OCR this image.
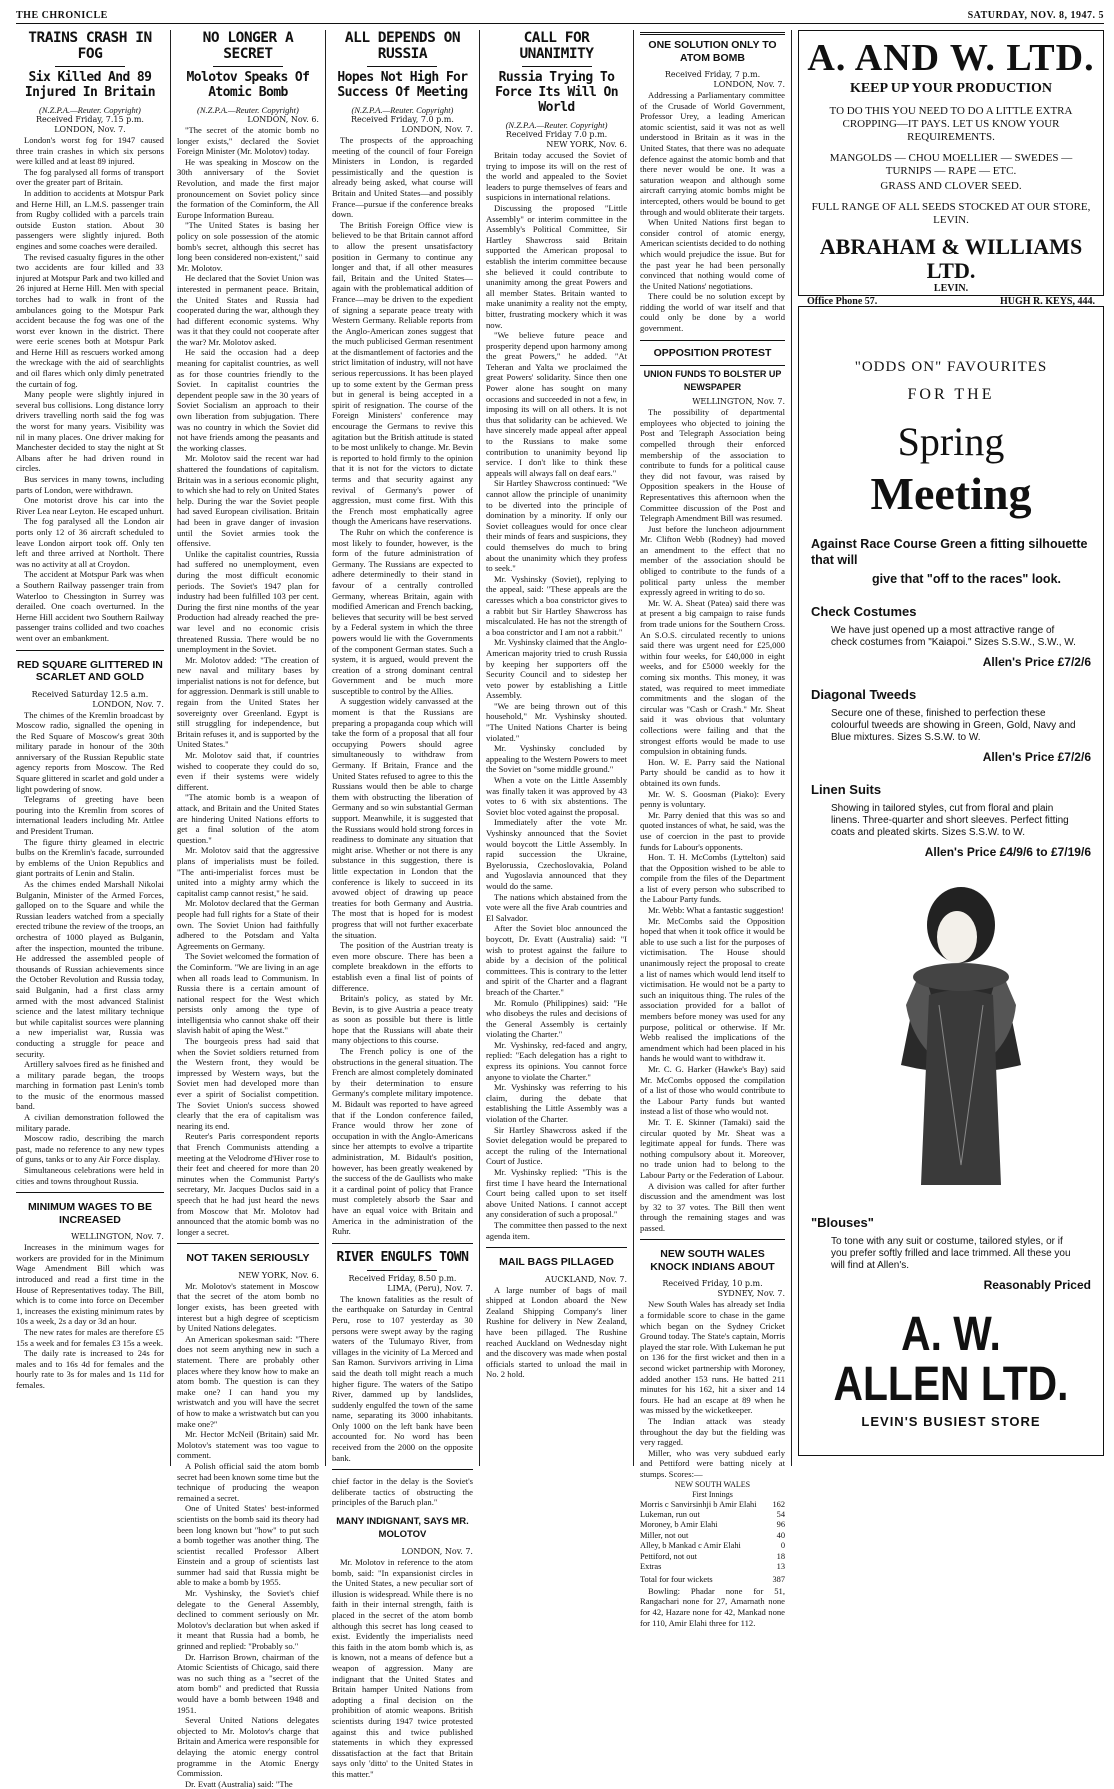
THE CHRONICLE	SATURDAY, NOV. 8, 1947. 5
TRAINS CRASH IN FOG
Six Killed And 89 Injured In Britain
(N.Z.P.A.—Reuter. Copyright)
Received Friday, 7.15 p.m.
LONDON, Nov. 7.

London's worst fog for 1947 caused three train crashes in which six persons were killed and at least 89 injured.

The fog paralysed all forms of transport over the greater part of Britain.

In addition to accidents at Motspur Park and Herne Hill, an L.M.S. passenger train from Rugby collided with a parcels train outside Euston station. About 30 passengers were slightly injured. Both engines and some coaches were derailed.

The revised casualty figures in the other two accidents are four killed and 33 injured at Motspur Park and two killed and 26 injured at Herne Hill. Men with special torches had to walk in front of the ambulances going to the Motspur Park accident because the fog was one of the worst ever known in the district. There were eerie scenes both at Motspur Park and Herne Hill as rescuers worked among the wreckage with the aid of searchlights and oil flares which only dimly penetrated the curtain of fog.

Many people were slightly injured in several bus collisions. Long distance lorry drivers travelling north said the fog was the worst for many years. Visibility was nil in many places. One driver making for Manchester decided to stay the night at St Albans after he had driven round in circles.

Bus services in many towns, including parts of London, were withdrawn.

One motorist drove his car into the River Lea near Leyton. He escaped unhurt.

The fog paralysed all the London air ports only 12 of 36 aircraft scheduled to leave London airport took off. Only ten left and three arrived at Northolt. There was no activity at all at Croydon.

The accident at Motspur Park was when a Southern Railway passenger train from Waterloo to Chessington in Surrey was derailed. One coach overturned. In the Herne Hill accident two Southern Railway passenger trains collided and two coaches went over an embankment.

RED SQUARE GLITTERED IN SCARLET AND GOLD
Received Saturday 12.5 a.m.
LONDON, Nov. 7.

The chimes of the Kremlin broadcast by Moscow radio, signalled the opening in the Red Square of Moscow's great 30th military parade in honour of the 30th anniversary of the Russian Republic state agency reports from Moscow. The Red Square glittered in scarlet and gold under a light powdering of snow.

Telegrams of greeting have been pouring into the Kremlin from scores of international leaders including Mr. Attlee and President Truman.

The figure thirty gleamed in electric bulbs on the Kremlin's facade, surrounded by emblems of the Union Republics and giant portraits of Lenin and Stalin.

As the chimes ended Marshall Nikolai Bulganin, Minister of the Armed Forces, galloped on to the Square and while the Russian leaders watched from a specially erected tribune the review of the troops, an orchestra of 1000 played as Bulganin, after the inspection, mounted the tribune. He addressed the assembled people of thousands of Russian achievements since the October Revolution and Russia today, said Bulganin, had a first class army armed with the most advanced Stalinist science and the latest military technique but while capitalist sources were planning a new imperialist war, Russia was conducting a struggle for peace and security.

Artillery salvoes fired as he finished and a military parade began, the troops marching in formation past Lenin's tomb to the music of the enormous massed band.

A civilian demonstration followed the military parade.

Moscow radio, describing the march past, made no reference to any new types of guns, tanks or to any Air Force display.

Simultaneous celebrations were held in cities and towns throughout Russia.

MINIMUM WAGES TO BE INCREASED
WELLINGTON, Nov. 7.

Increases in the minimum wages for workers are provided for in the Minimum Wage Amendment Bill which was introduced and read a first time in the House of Representatives today. The Bill, which is to come into force on December 1, increases the existing minimum rates by 10s a week, 2s a day or 3d an hour.

The new rates for males are therefore £5 15s a week and for females £3 15s a week.

The daily rate is increased to 24s for males and to 16s 4d for females and the hourly rate to 3s for males and 1s 11d for females.

NO LONGER A SECRET
Molotov Speaks Of Atomic Bomb
(N.Z.P.A.—Reuter. Copyright)
LONDON, Nov. 6.

"The secret of the atomic bomb no longer exists," declared the Soviet Foreign Minister (Mr. Molotov) today.

He was speaking in Moscow on the 30th anniversary of the Soviet Revolution, and made the first major pronouncement on Soviet policy since the formation of the Cominform, the All Europe Information Bureau.

"The United States is basing her policy on sole possession of the atomic bomb's secret, although this secret has long been considered non-existent," said Mr. Molotov.

He declared that the Soviet Union was interested in permanent peace. Britain, the United States and Russia had cooperated during the war, although they had different economic systems. Why was it that they could not cooperate after the war? Mr. Molotov asked.

He said the occasion had a deep meaning for capitalist countries, as well as for those countries friendly to the Soviet. In capitalist countries the dependent people saw in the 30 years of Soviet Socialism an approach to their own liberation from subjugation. There was no country in which the Soviet did not have friends among the peasants and the working classes.

Mr. Molotov said the recent war had shattered the foundations of capitalism. Britain was in a serious economic plight, to which she had to rely on United States help. During the war the Soviet people had saved European civilisation. Britain had been in grave danger of invasion until the Soviet armies took the offensive.

Unlike the capitalist countries, Russia had suffered no unemployment, even during the most difficult economic periods. The Soviet's 1947 plan for industry had been fulfilled 103 per cent. During the first nine months of the year Production had already reached the pre-war level and no economic crisis threatened Russia. There would be no unemployment in the Soviet.

Mr. Molotov added: "The creation of new naval and military bases by imperialist nations is not for defence, but for aggression. Denmark is still unable to regain from the United States her sovereignty over Greenland. Egypt is still struggling for independence, but Britain refuses it, and is supported by the United States."

Mr. Molotov said that, if countries wished to cooperate they could do so, even if their systems were widely different.

"The atomic bomb is a weapon of attack, and Britain and the United States are hindering United Nations efforts to get a final solution of the atom question."

Mr. Molotov said that the aggressive plans of imperialists must be foiled. "The anti-imperialist forces must be united into a mighty army which the capitalist camp cannot resist," he said.

Mr. Molotov declared that the German people had full rights for a State of their own. The Soviet Union had faithfully adhered to the Potsdam and Yalta Agreements on Germany.

The Soviet welcomed the formation of the Cominform. "We are living in an age when all roads lead to Communism. In Russia there is a certain amount of national respect for the West which persists only among the type of intelligentsia who cannot shake off their slavish habit of aping the West."

The bourgeois press had said that when the Soviet soldiers returned from the Western front, they would be impressed by Western ways, but the Soviet men had developed more than ever a spirit of Socialist competition. The Soviet Union's success showed clearly that the era of capitalism was nearing its end.

Reuter's Paris correspondent reports that French Communists attending a meeting at the Velodrome d'Hiver rose to their feet and cheered for more than 20 minutes when the Communist Party's secretary, Mr. Jacques Duclos said in a speech that he had just heard the news from Moscow that Mr. Molotov had announced that the atomic bomb was no longer a secret.

NOT TAKEN SERIOUSLY
NEW YORK, Nov. 6.

Mr. Molotov's statement in Moscow that the secret of the atom bomb no longer exists, has been greeted with interest but a high degree of scepticism by United Nations delegates.

An American spokesman said: "There does not seem anything new in such a statement. There are probably other places where they know how to make an atom bomb. The question is can they make one? I can hand you my wristwatch and you will have the secret of how to make a wristwatch but can you make one?"

Mr. Hector McNeil (Britain) said Mr. Molotov's statement was too vague to comment.

A Polish official said the atom bomb secret had been known some time but the technique of producing the weapon remained a secret.

One of United States' best-informed scientists on the bomb said its theory had been long known but "how" to put such a bomb together was another thing. The scientist recalled Professor Albert Einstein and a group of scientists last summer had said that Russia might be able to make a bomb by 1955.

Mr. Vyshinsky, the Soviet's chief delegate to the General Assembly, declined to comment seriously on Mr. Molotov's declaration but when asked if it meant that Russia had a bomb, he grinned and replied: "Probably so."

Dr. Harrison Brown, chairman of the Atomic Scientists of Chicago, said there was no such thing as a "secret of the atom bomb" and predicted that Russia would have a bomb between 1948 and 1951.

Several United Nations delegates objected to Mr. Molotov's charge that Britain and America were responsible for delaying the atomic energy control programme in the Atomic Energy Commission.

Dr. Evatt (Australia) said: "The

ALL DEPENDS ON RUSSIA
Hopes Not High For Success Of Meeting
(N.Z.P.A.—Reuter. Copyright)
Received Friday, 7.0 p.m.
LONDON, Nov. 7.

The prospects of the approaching meeting of the council of four Foreign Ministers in London, is regarded pessimistically and the question is already being asked, what course will Britain and United States—and possibly France—pursue if the conference breaks down.

The British Foreign Office view is believed to be that Britain cannot afford to allow the present unsatisfactory position in Germany to continue any longer and that, if all other measures fail, Britain and the United States—again with the problematical addition of France—may be driven to the expedient of signing a separate peace treaty with Western Germany. Reliable reports from the Anglo-American zones suggest that the much publicised German resentment at the dismantlement of factories and the strict limitation of industry, will not have serious repercussions. It has been played up to some extent by the German press but in general is being accepted in a spirit of resignation. The course of the Foreign Ministers' conference may encourage the Germans to revive this agitation but the British attitude is stated to be most unlikely to change. Mr. Bevin is reported to hold firmly to the opinion that it is not for the victors to dictate terms and that security against any revival of Germany's power of aggression, must come first. With this the French most emphatically agree though the Americans have reservations.

The Ruhr on which the conference is most likely to founder, however, is the form of the future administration of Germany. The Russians are expected to adhere determinedly to their stand in favour of a centrally controlled Germany, whereas Britain, again with modified American and French backing, believes that security will be best served by a Federal system in which the three powers would lie with the Governments of the component German states. Such a system, it is argued, would prevent the creation of a strong dominant central Government and be much more susceptible to control by the Allies.

A suggestion widely canvassed at the moment is that the Russians are preparing a propaganda coup which will take the form of a proposal that all four occupying Powers should agree simultaneously to withdraw from Germany. If Britain, France and the United States refused to agree to this the Russians would then be able to charge them with obstructing the liberation of Germany and so win substantial German support. Meanwhile, it is suggested that the Russians would hold strong forces in readiness to dominate any situation that might arise. Whether or not there is any substance in this suggestion, there is little expectation in London that the conference is likely to succeed in its avowed object of drawing up peace treaties for both Germany and Austria. The most that is hoped for is modest progress that will not further exacerbate the situation.

The position of the Austrian treaty is even more obscure. There has been a complete breakdown in the efforts to establish even a final list of points of difference.

Britain's policy, as stated by Mr. Bevin, is to give Austria a peace treaty as soon as possible but there is little hope that the Russians will abate their many objections to this course.

The French policy is one of the obstructions in the general situation. The French are almost completely dominated by their determination to ensure Germany's complete military impotence. M. Bidault was reported to have agreed that if the London conference failed, France would throw her zone of occupation in with the Anglo-Americans since her attempts to evolve a tripartite administration, M. Bidault's position, however, has been greatly weakened by the success of the de Gaullists who make it a cardinal point of policy that France must completely absorb the Saar and have an equal voice with Britain and America in the administration of the Ruhr.

RIVER ENGULFS TOWN
Received Friday, 8.50 p.m.
LIMA, (Peru), Nov. 7.

The known fatalities as the result of the earthquake on Saturday in Central Peru, rose to 107 yesterday as 30 persons were swept away by the raging waters of the Tulumayo River, from villages in the vicinity of La Merced and San Ramon. Survivors arriving in Lima said the death toll might reach a much higher figure. The waters of the Satipo River, dammed up by landslides, suddenly engulfed the town of the same name, separating its 3000 inhabitants. Only 1000 on the left bank have been accounted for. No word has been received from the 2000 on the opposite bank.

chief factor in the delay is the Soviet's deliberate tactics of obstructing the principles of the Baruch plan."

MANY INDIGNANT, SAYS MR. MOLOTOV
LONDON, Nov. 7.

Mr. Molotov in reference to the atom bomb, said: "In expansionist circles in the United States, a new peculiar sort of illusion is widespread. While there is no faith in their internal strength, faith is placed in the secret of the atom bomb although this secret has long ceased to exist. Evidently the imperialists need this faith in the atom bomb which is, as is known, not a means of defence but a weapon of aggression. Many are indignant that the United States and Britain hamper United Nations from adopting a final decision on the prohibition of atomic weapons. British scientists during 1947 twice protested against this and twice published statements in which they expressed dissatisfaction at the fact that Britain says only 'ditto' to the United States in this matter."

CALL FOR UNANIMITY
Russia Trying To Force Its Will On World
(N.Z.P.A.—Reuter. Copyright)
Received Friday 7.0 p.m.
NEW YORK, Nov. 6.

Britain today accused the Soviet of trying to impose its will on the rest of the world and appealed to the Soviet leaders to purge themselves of fears and suspicions in international relations.

Discussing the proposed "Little Assembly" or interim committee in the Assembly's Political Committee, Sir Hartley Shawcross said Britain supported the American proposal to establish the interim committee because she believed it could contribute to unanimity among the great Powers and all member States. Britain wanted to make unanimity a reality not the empty, bitter, frustrating mockery which it was now.

"We believe future peace and prosperity depend upon harmony among the great Powers," he added. "At Teheran and Yalta we proclaimed the great Powers' solidarity. Since then one Power alone has sought on many occasions and succeeded in not a few, in imposing its will on all others. It is not thus that solidarity can be achieved. We have sincerely made appeal after appeal to the Russians to make some contribution to unanimity beyond lip service. I don't like to think these appeals will always fall on deaf ears."

Sir Hartley Shawcross continued: "We cannot allow the principle of unanimity to be diverted into the principle of domination by a minority. If only our Soviet colleagues would for once clear their minds of fears and suspicions, they could themselves do much to bring about the unanimity which they profess to seek."

Mr. Vyshinsky (Soviet), replying to the appeal, said: "These appeals are the caresses which a boa constrictor gives to a rabbit but Sir Hartley Shawcross has miscalculated. He has not the strength of a boa constrictor and I am not a rabbit."

Mr. Vyshinsky claimed that the Anglo-American majority tried to crush Russia by keeping her supporters off the Security Council and to sidestep her veto power by establishing a Little Assembly.

"We are being thrown out of this household," Mr. Vyshinsky shouted. "The United Nations Charter is being violated."

Mr. Vyshinsky concluded by appealing to the Western Powers to meet the Soviet on "some middle ground."

When a vote on the Little Assembly was finally taken it was approved by 43 votes to 6 with six abstentions. The Soviet bloc voted against the proposal.

Immediately after the vote Mr. Vyshinsky announced that the Soviet would boycott the Little Assembly. In rapid succession the Ukraine, Byelorussia, Czechoslovakia, Poland and Yugoslavia announced that they would do the same.

The nations which abstained from the vote were all the five Arab countries and El Salvador.

After the Soviet bloc announced the boycott, Dr. Evatt (Australia) said: "I wish to protest against the failure to abide by a decision of the political committees. This is contrary to the letter and spirit of the Charter and a flagrant breach of the Charter."

Mr. Romulo (Philippines) said: "He who disobeys the rules and decisions of the General Assembly is certainly violating the Charter."

Mr. Vyshinsky, red-faced and angry, replied: "Each delegation has a right to express its opinions. You cannot force anyone to violate the Charter."

Mr. Vyshinsky was referring to his claim, during the debate that establishing the Little Assembly was a violation of the Charter.

Sir Hartley Shawcross asked if the Soviet delegation would be prepared to accept the ruling of the International Court of Justice.

Mr. Vyshinsky replied: "This is the first time I have heard the International Court being called upon to set itself above United Nations. I cannot accept any consideration of such a proposal."

The committee then passed to the next agenda item.

MAIL BAGS PILLAGED
AUCKLAND, Nov. 7.

A large number of bags of mail shipped at London aboard the New Zealand Shipping Company's liner Rushine for delivery in New Zealand, have been pillaged. The Rushine reached Auckland on Wednesday night and the discovery was made when postal officials started to unload the mail in No. 2 hold.

ONE SOLUTION ONLY TO ATOM BOMB
Received Friday, 7 p.m.
LONDON, Nov. 7.

Addressing a Parliamentary committee of the Crusade of World Government, Professor Urey, a leading American atomic scientist, said it was not as well understood in Britain as it was in the United States, that there was no adequate defence against the atomic bomb and that there never would be one. It was a saturation weapon and although some aircraft carrying atomic bombs might be intercepted, others would be bound to get through and would obliterate their targets.

When United Nations first began to consider control of atomic energy, American scientists decided to do nothing which would prejudice the issue. But for the past year he had been personally convinced that nothing would come of the United Nations' negotiations.

There could be no solution except by ridding the world of war itself and that could only be done by a world government.

OPPOSITION PROTEST
UNION FUNDS TO BOLSTER UP NEWSPAPER
WELLINGTON, Nov. 7.

The possibility of departmental employees who objected to joining the Post and Telegraph Association being compelled through their enforced membership of the association to contribute to funds for a political cause they did not favour, was raised by Opposition speakers in the House of Representatives this afternoon when the Committee discussion of the Post and Telegraph Amendment Bill was resumed.

Just before the luncheon adjournment Mr. Clifton Webb (Rodney) had moved an amendment to the effect that no member of the association should be obliged to contribute to the funds of a political party unless the member expressly agreed in writing to do so.

Mr. W. A. Sheat (Patea) said there was at present a big campaign to raise funds from trade unions for the Southern Cross. An S.O.S. circulated recently to unions said there was urgent need for £25,000 within four weeks, for £40,000 in eight weeks, and for £5000 weekly for the coming six months. This money, it was stated, was required to meet immediate commitments and the slogan of the circular was "Cash or Crash." Mr. Sheat said it was obvious that voluntary collections were failing and that the strongest efforts would be made to use compulsion in obtaining funds.

Hon. W. E. Parry said the National Party should be candid as to how it obtained its own funds.

Mr. W. S. Goosman (Piako): Every penny is voluntary.

Mr. Parry denied that this was so and quoted instances of what, he said, was the use of coercion in the past to provide funds for Labour's opponents.

Hon. T. H. McCombs (Lyttelton) said that the Opposition wished to be able to compile from the files of the Department a list of every person who subscribed to the Labour Party funds.

Mr. Webb: What a fantastic suggestion!

Mr. McCombs said the Opposition hoped that when it took office it would be able to use such a list for the purposes of victimisation. The House should unanimously reject the proposal to create a list of names which would lend itself to victimisation. He would not be a party to such an iniquitous thing. The rules of the association provided for a ballot of members before money was used for any purpose, political or otherwise. If Mr. Webb realised the implications of the amendment which had been placed in his hands he would want to withdraw it.

Mr. C. G. Harker (Hawke's Bay) said Mr. McCombs opposed the compilation of a list of those who would contribute to the Labour Party funds but wanted instead a list of those who would not.

Mr. T. E. Skinner (Tamaki) said the circular quoted by Mr. Sheat was a legitimate appeal for funds. There was nothing compulsory about it. Moreover, no trade union had to belong to the Labour Party or the Federation of Labour.

A division was called for after further discussion and the amendment was lost by 32 to 37 votes. The Bill then went through the remaining stages and was passed.

NEW SOUTH WALES KNOCK INDIANS ABOUT
Received Friday, 10 p.m.
SYDNEY, Nov. 7.

New South Wales has already set India a formidable score to chase in the game which began on the Sydney Cricket Ground today. The State's captain, Morris played the star role. With Lukeman he put on 136 for the first wicket and then in a second wicket partnership with Moroney, added another 153 runs. He batted 211 minutes for his 162, hit a sixer and 14 fours. He had an escape at 89 when he was missed by the wicketkeeper.

The Indian attack was steady throughout the day but the fielding was very ragged.

Miller, who was very subdued early and Pettiford were batting nicely at stumps. Scores:—

NEW SOUTH WALES
First Innings
Morris c Sanvirsinhji b Amir Elahi 162
Lukeman, run out	54
Moroney, b Amir Elahi	96
Miller, not out	40
Alley, b Mankad c Amir Elahi	0
Pettiford, not out	18
Extras	13
Total for four wickets	387

Bowling: Phadar none for 51, Rangachari none for 27, Amarnath none for 42, Hazare none for 42, Mankad none for 110, Amir Elahi three for 112.

A. AND W. LTD.
KEEP UP YOUR PRODUCTION
TO DO THIS YOU NEED TO DO A LITTLE EXTRA CROPPING—IT PAYS. LET US KNOW YOUR REQUIREMENTS.
MANGOLDS — CHOU MOELLIER — SWEDES — TURNIPS — RAPE — ETC.
GRASS AND CLOVER SEED.
FULL RANGE OF ALL SEEDS STOCKED AT OUR STORE, LEVIN.
ABRAHAM & WILLIAMS LTD.
LEVIN.
Office Phone 57.	HUGH R. KEYS, 444.
"ODDS ON" FAVOURITES
FOR THE
Spring
Meeting
Against Race Course Green a fitting silhouette that will
give that "off to the races" look.
Check Costumes
We have just opened up a most attractive range of check costumes from "Kaiapoi." Sizes S.S.W., S.W., W.
Allen's Price £7/2/6
Diagonal Tweeds
Secure one of these, finished to perfection these colourful tweeds are showing in Green, Gold, Navy and Blue mixtures. Sizes S.S.W. to W.
Allen's Price £7/2/6
Linen Suits
Showing in tailored styles, cut from floral and plain linens. Three-quarter and short sleeves. Perfect fitting coats and pleated skirts. Sizes S.S.W. to W.
Allen's Price £4/9/6 to £7/19/6
"Blouses"
To tone with any suit or costume, tailored styles, or if you prefer softly frilled and lace trimmed. All these you will find at Allen's.
Reasonably Priced
A. W. ALLEN LTD.
LEVIN'S BUSIEST STORE
